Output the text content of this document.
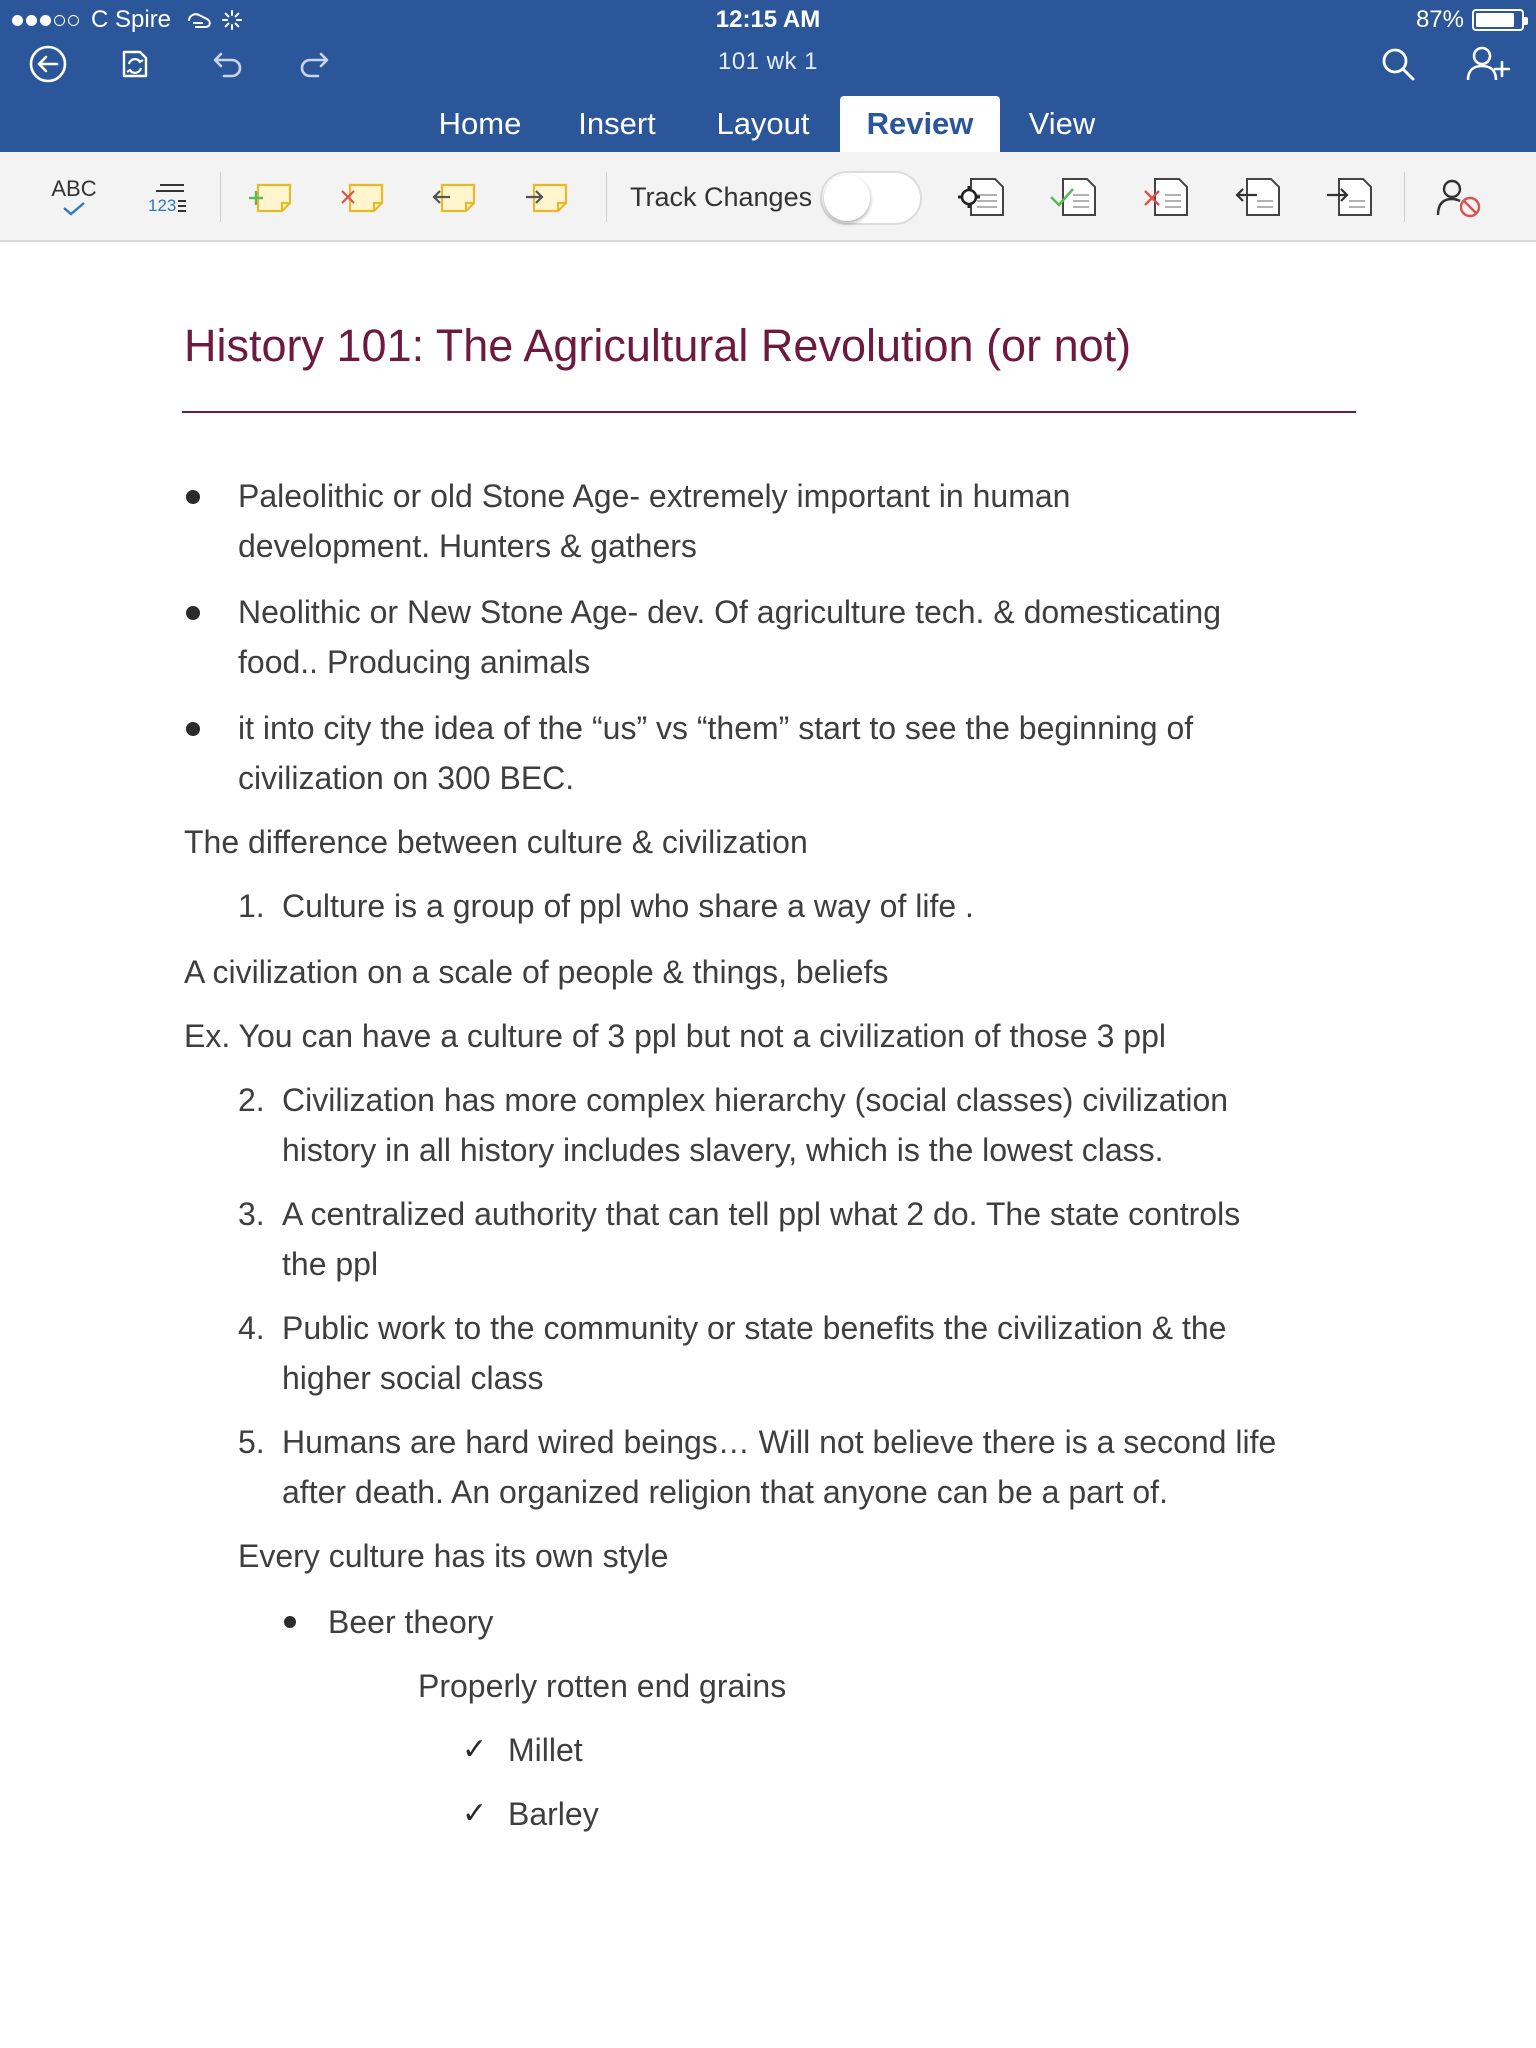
C Spire	12:15 AM	87%
101 wk 1
Home	Insert	Layout	Review	View
ABC
123	Track Changes
History 101: The Agricultural Revolution (or not)
Paleolithic or old Stone Age- extremely important in human
development. Hunters & gathers
Neolithic or New Stone Age- dev. Of agriculture tech. & domesticating
food.. Producing animals
it into city the idea of the “us” vs “them” start to see the beginning of
civilization on 300 BEC.
The difference between culture & civilization
1. Culture is a group of ppl who share a way of life .
A civilization on a scale of people & things, beliefs
Ex. You can have a culture of 3 ppl but not a civilization of those 3 ppl
2. Civilization has more complex hierarchy (social classes) civilization
history in all history includes slavery, which is the lowest class.
3. A centralized authority that can tell ppl what 2 do. The state controls
the ppl
4. Public work to the community or state benefits the civilization & the
higher social class
5. Humans are hard wired beings… Will not believe there is a second life
after death. An organized religion that anyone can be a part of.
Every culture has its own style
Beer theory
Properly rotten end grains
✓ Millet
✓ Barley
